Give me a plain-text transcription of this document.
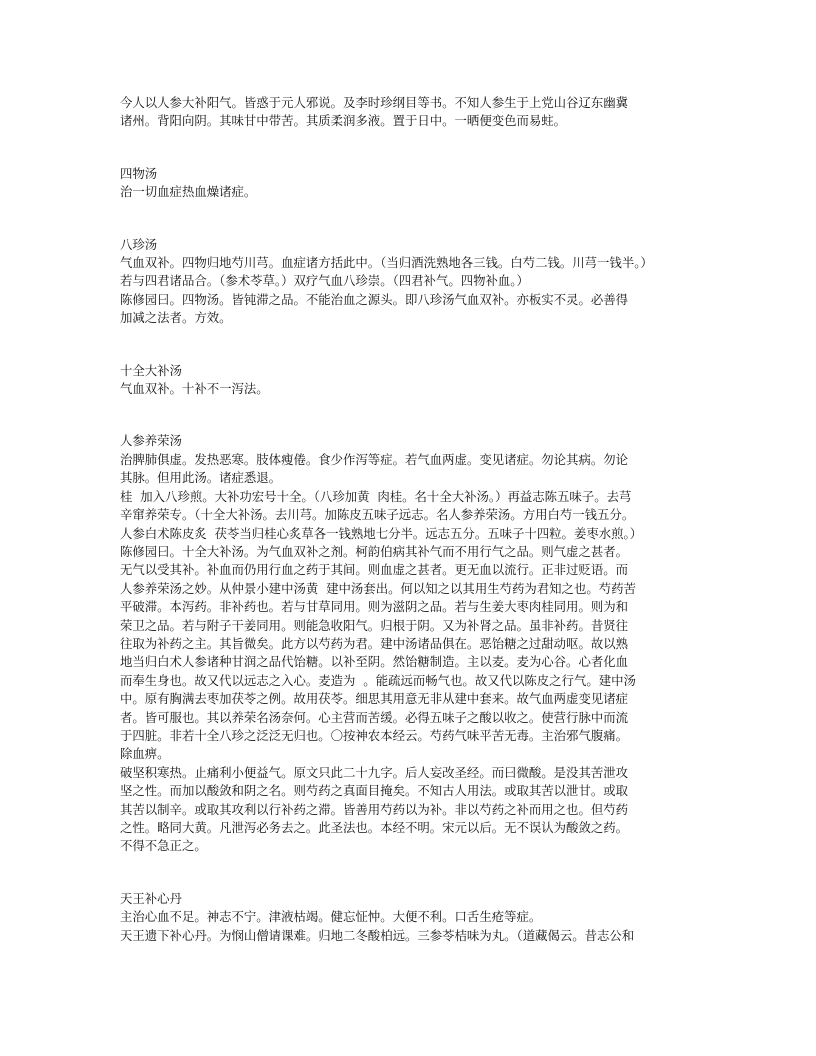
今人以人参大补阳气。皆惑于元人邪说。及李时珍纲目等书。不知人参生于上党山谷辽东幽冀

诸州。背阳向阴。其味甘中带苦。其质柔润多液。置于日中。一晒便变色而易蛀。

四物汤

治一切血症热血燥诸症。

八珍汤

气血双补。四物归地芍川芎。血症诸方括此中。（当归酒洗熟地各三钱。白芍二钱。川芎一钱半。）

若与四君诸品合。（参术苓草。）双疗气血八珍崇。（四君补气。四物补血。）

陈修园曰。四物汤。皆钝滞之品。不能治血之源头。即八珍汤气血双补。亦板实不灵。必善得

加减之法者。方效。

十全大补汤

气血双补。十补不一泻法。

人参养荣汤

治脾肺俱虚。发热恶寒。肢体瘦倦。食少作泻等症。若气血两虚。变见诸症。勿论其病。勿论

其脉。但用此汤。诸症悉退。

桂  加入八珍煎。大补功宏号十全。（八珍加黄  肉桂。名十全大补汤。）再益志陈五味子。去芎

辛窜养荣专。（十全大补汤。去川芎。加陈皮五味子远志。名人参养荣汤。方用白芍一钱五分。

人参白术陈皮炙  茯苓当归桂心炙草各一钱熟地七分半。远志五分。五味子十四粒。姜枣水煎。）

陈修园曰。十全大补汤。为气血双补之剂。柯韵伯病其补气而不用行气之品。则气虚之甚者。

无气以受其补。补血而仍用行血之药于其间。则血虚之甚者。更无血以流行。正非过贬语。而

人参养荣汤之妙。从仲景小建中汤黄  建中汤套出。何以知之以其用生芍药为君知之也。芍药苦

平破滞。本泻药。非补药也。若与甘草同用。则为滋阴之品。若与生姜大枣肉桂同用。则为和

荣卫之品。若与附子干姜同用。则能急收阳气。归根于阴。又为补肾之品。虽非补药。昔贤往

往取为补药之主。其旨微矣。此方以芍药为君。建中汤诸品俱在。恶饴糖之过甜动呕。故以熟

地当归白术人参诸种甘润之品代饴糖。以补至阴。然饴糖制造。主以麦。麦为心谷。心者化血

而奉生身也。故又代以远志之入心。麦造为  。能疏远而畅气也。故又代以陈皮之行气。建中汤

中。原有胸满去枣加茯苓之例。故用茯苓。细思其用意无非从建中套来。故气血两虚变见诸症

者。皆可服也。其以养荣名汤奈何。心主营而苦缓。必得五味子之酸以收之。使营行脉中而流

于四脏。非若十全八珍之泛泛无归也。〇按神农本经云。芍药气味平苦无毒。主治邪气腹痛。

除血痹。

破坚积寒热。止痛利小便益气。原文只此二十九字。后人妄改圣经。而曰微酸。是没其苦泄攻

坚之性。而加以酸敛和阴之名。则芍药之真面目掩矣。不知古人用法。或取其苦以泄甘。或取

其苦以制辛。或取其攻利以行补药之滞。皆善用芍药以为补。非以芍药之补而用之也。但芍药

之性。略同大黄。凡泄泻必务去之。此圣法也。本经不明。宋元以后。无不误认为酸敛之药。

不得不急正之。

天王补心丹

主治心血不足。神志不宁。津液枯竭。健忘怔忡。大便不利。口舌生疮等症。

天王遗下补心丹。为悯山僧请课难。归地二冬酸柏远。三参苓桔味为丸。（道藏偈云。昔志公和
